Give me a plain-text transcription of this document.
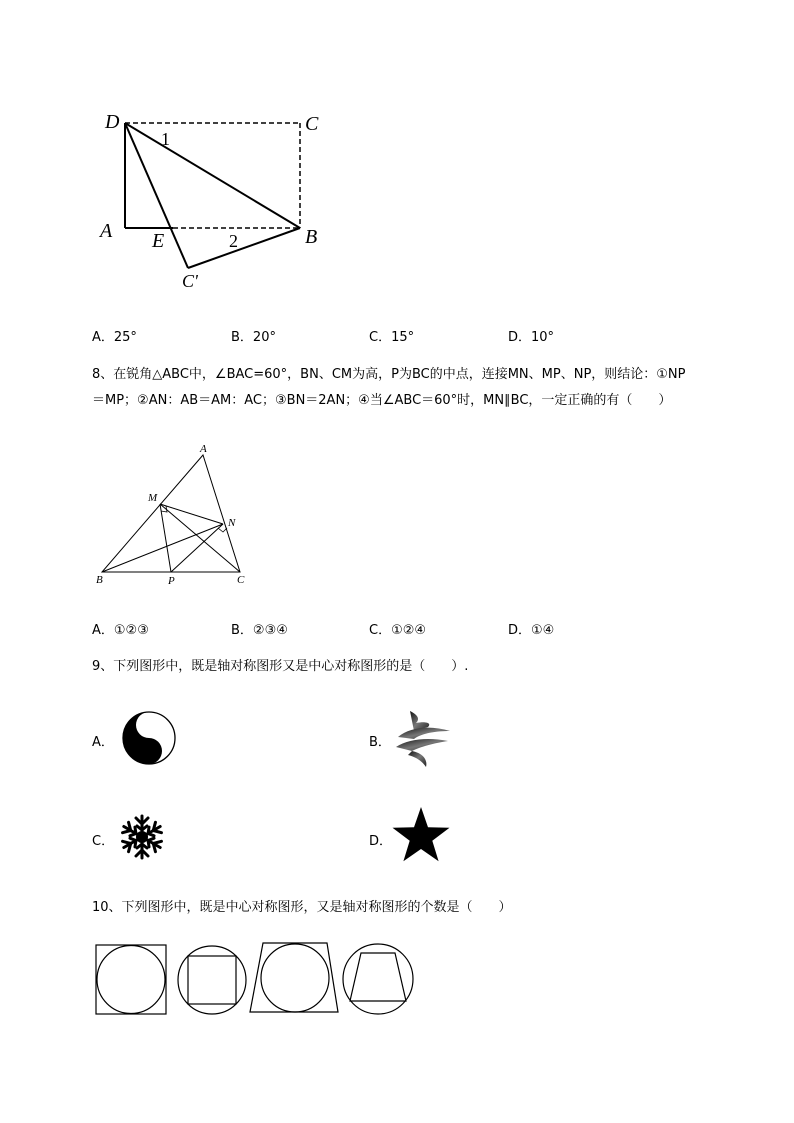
D	C
A E	B
C'
1
2
A．25°	B．20°	C．15°	D．10°
8、在锐角△ABC中，∠BAC=60°，BN、CM为高，P为BC的中点，连接MN、MP、NP，则结论：①NP
＝MP；②AN：AB＝AM：AC；③BN＝2AN；④当∠ABC＝60°时，MN∥BC，一定正确的有（　　）
A
M
N
B	P	C
A．①②③	B．②③④	C．①②④	D．①④
9、下列图形中，既是轴对称图形又是中心对称图形的是（　　）.
A．	B．
C．	D．
10、下列图形中，既是中心对称图形，又是轴对称图形的个数是（　　）
